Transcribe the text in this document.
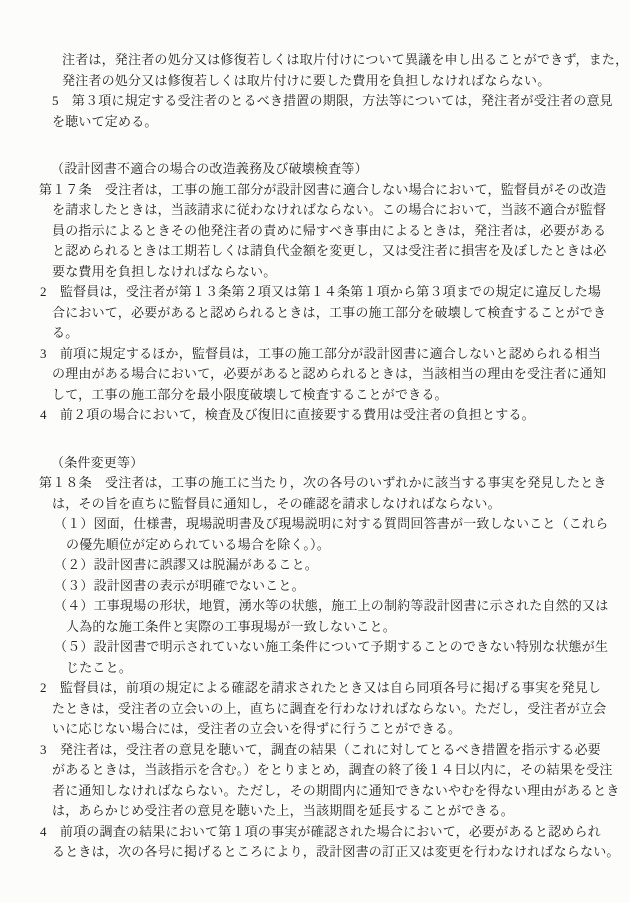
注者は，発注者の処分又は修復若しくは取片付けについて異議を申し出ることができず，また，
発注者の処分又は修復若しくは取片付けに要した費用を負担しなければならない。
5　第３項に規定する受注者のとるべき措置の期限，方法等については，発注者が受注者の意見
を聴いて定める。
（設計図書不適合の場合の改造義務及び破壊検査等）
第１７条　受注者は，工事の施工部分が設計図書に適合しない場合において，監督員がその改造
を請求したときは，当該請求に従わなければならない。この場合において，当該不適合が監督
員の指示によるときその他発注者の責めに帰すべき事由によるときは，発注者は，必要がある
と認められるときは工期若しくは請負代金額を変更し，又は受注者に損害を及ぼしたときは必
要な費用を負担しなければならない。
2　監督員は，受注者が第１３条第２項又は第１４条第１項から第３項までの規定に違反した場
合において，必要があると認められるときは，工事の施工部分を破壊して検査することができ
る。
3　前項に規定するほか，監督員は，工事の施工部分が設計図書に適合しないと認められる相当
の理由がある場合において，必要があると認められるときは，当該相当の理由を受注者に通知
して，工事の施工部分を最小限度破壊して検査することができる。
4　前２項の場合において，検査及び復旧に直接要する費用は受注者の負担とする。
（条件変更等）
第１８条　受注者は，工事の施工に当たり，次の各号のいずれかに該当する事実を発見したとき
は，その旨を直ちに監督員に通知し，その確認を請求しなければならない。
（１）図面，仕様書，現場説明書及び現場説明に対する質問回答書が一致しないこと（これら
の優先順位が定められている場合を除く。）。
（２）設計図書に誤謬又は脱漏があること。
（３）設計図書の表示が明確でないこと。
（４）工事現場の形状，地質，湧水等の状態，施工上の制約等設計図書に示された自然的又は
人為的な施工条件と実際の工事現場が一致しないこと。
（５）設計図書で明示されていない施工条件について予期することのできない特別な状態が生
じたこと。
2　監督員は，前項の規定による確認を請求されたとき又は自ら同項各号に掲げる事実を発見し
たときは，受注者の立会いの上，直ちに調査を行わなければならない。ただし，受注者が立会
いに応じない場合には，受注者の立会いを得ずに行うことができる。
3　発注者は，受注者の意見を聴いて，調査の結果（これに対してとるべき措置を指示する必要
があるときは，当該指示を含む。）をとりまとめ，調査の終了後１４日以内に，その結果を受注
者に通知しなければならない。ただし，その期間内に通知できないやむを得ない理由があるとき
は，あらかじめ受注者の意見を聴いた上，当該期間を延長することができる。
4　前項の調査の結果において第１項の事実が確認された場合において，必要があると認められ
るときは，次の各号に掲げるところにより，設計図書の訂正又は変更を行わなければならない。
